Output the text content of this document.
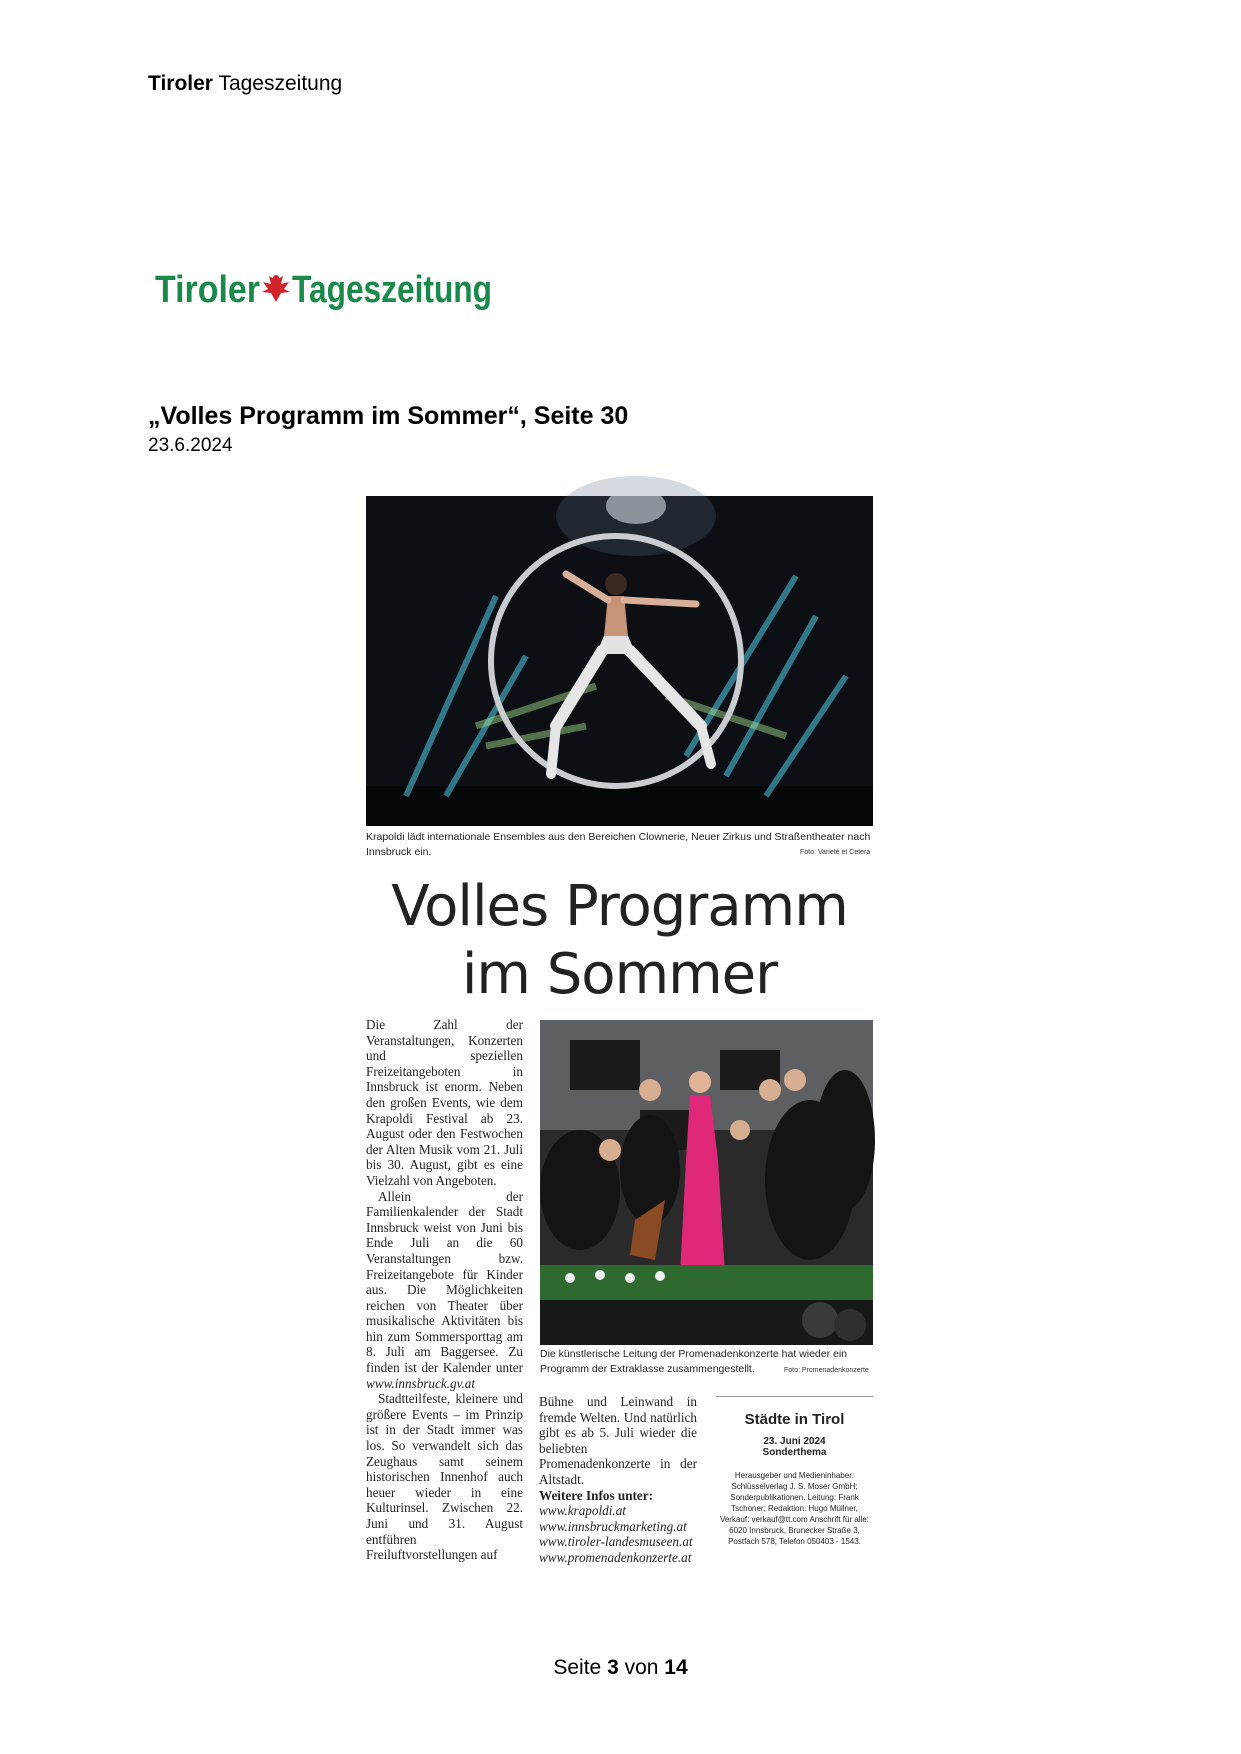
Tiroler Tageszeitung
Tiroler Tageszeitung
„Volles Programm im Sommer“, Seite 30
23.6.2024
Krapoldi lädt internationale Ensembles aus den Bereichen Clownerie, Neuer Zirkus und Straßentheater nach Innsbruck ein.	Foto: Varieté et Cetera
Volles Programm
im Sommer

Die Zahl der Veranstaltungen, Konzerten und speziellen Freizeitangeboten in Innsbruck ist enorm. Neben den großen Events, wie dem Krapoldi Festival ab 23. August oder den Festwochen der Alten Musik vom 21. Juli bis 30. August, gibt es eine Vielzahl von Angeboten.

Allein der Familienkalender der Stadt Innsbruck weist von Juni bis Ende Juli an die 60 Veranstaltungen bzw. Freizeitangebote für Kinder aus. Die Möglichkeiten reichen von Theater über musikalische Aktivitäten bis hin zum Sommersporttag am 8. Juli am Baggersee. Zu finden ist der Kalender unter www.innsbruck.gv.at

Stadtteilfeste, kleinere und größere Events – im Prinzip ist in der Stadt immer was los. So verwandelt sich das Zeughaus samt seinem historischen Innenhof auch heuer wieder in eine Kulturinsel. Zwischen 22. Juni und 31. August entführen Freiluftvorstellungen auf

Die künstlerische Leitung der Promenadenkonzerte hat wieder ein Programm der Extraklasse zusammengestellt.	Foto: Promenadenkonzerte

Bühne und Leinwand in fremde Welten. Und natürlich gibt es ab 5. Juli wieder die beliebten Promenadenkonzerte in der Altstadt.

Weitere Infos unter:

www.krapoldi.at

www.innsbruckmarketing.at

www.tiroler-landesmuseen.at

www.promenadenkonzerte.at

Städte in Tirol
23. Juni 2024
Sonderthema
Herausgeber und Medieninhaber: Schlüsselverlag J. S. Moser GmbH; Sonderpublikationen, Leitung: Frank Tschoner; Redaktion: Hugo Müllner, Verkauf: verkauf@tt.com Anschrift für alle: 6020 Innsbruck, Brunecker Straße 3, Postfach 578, Telefon 050403 - 1543.
Seite 3 von 14
